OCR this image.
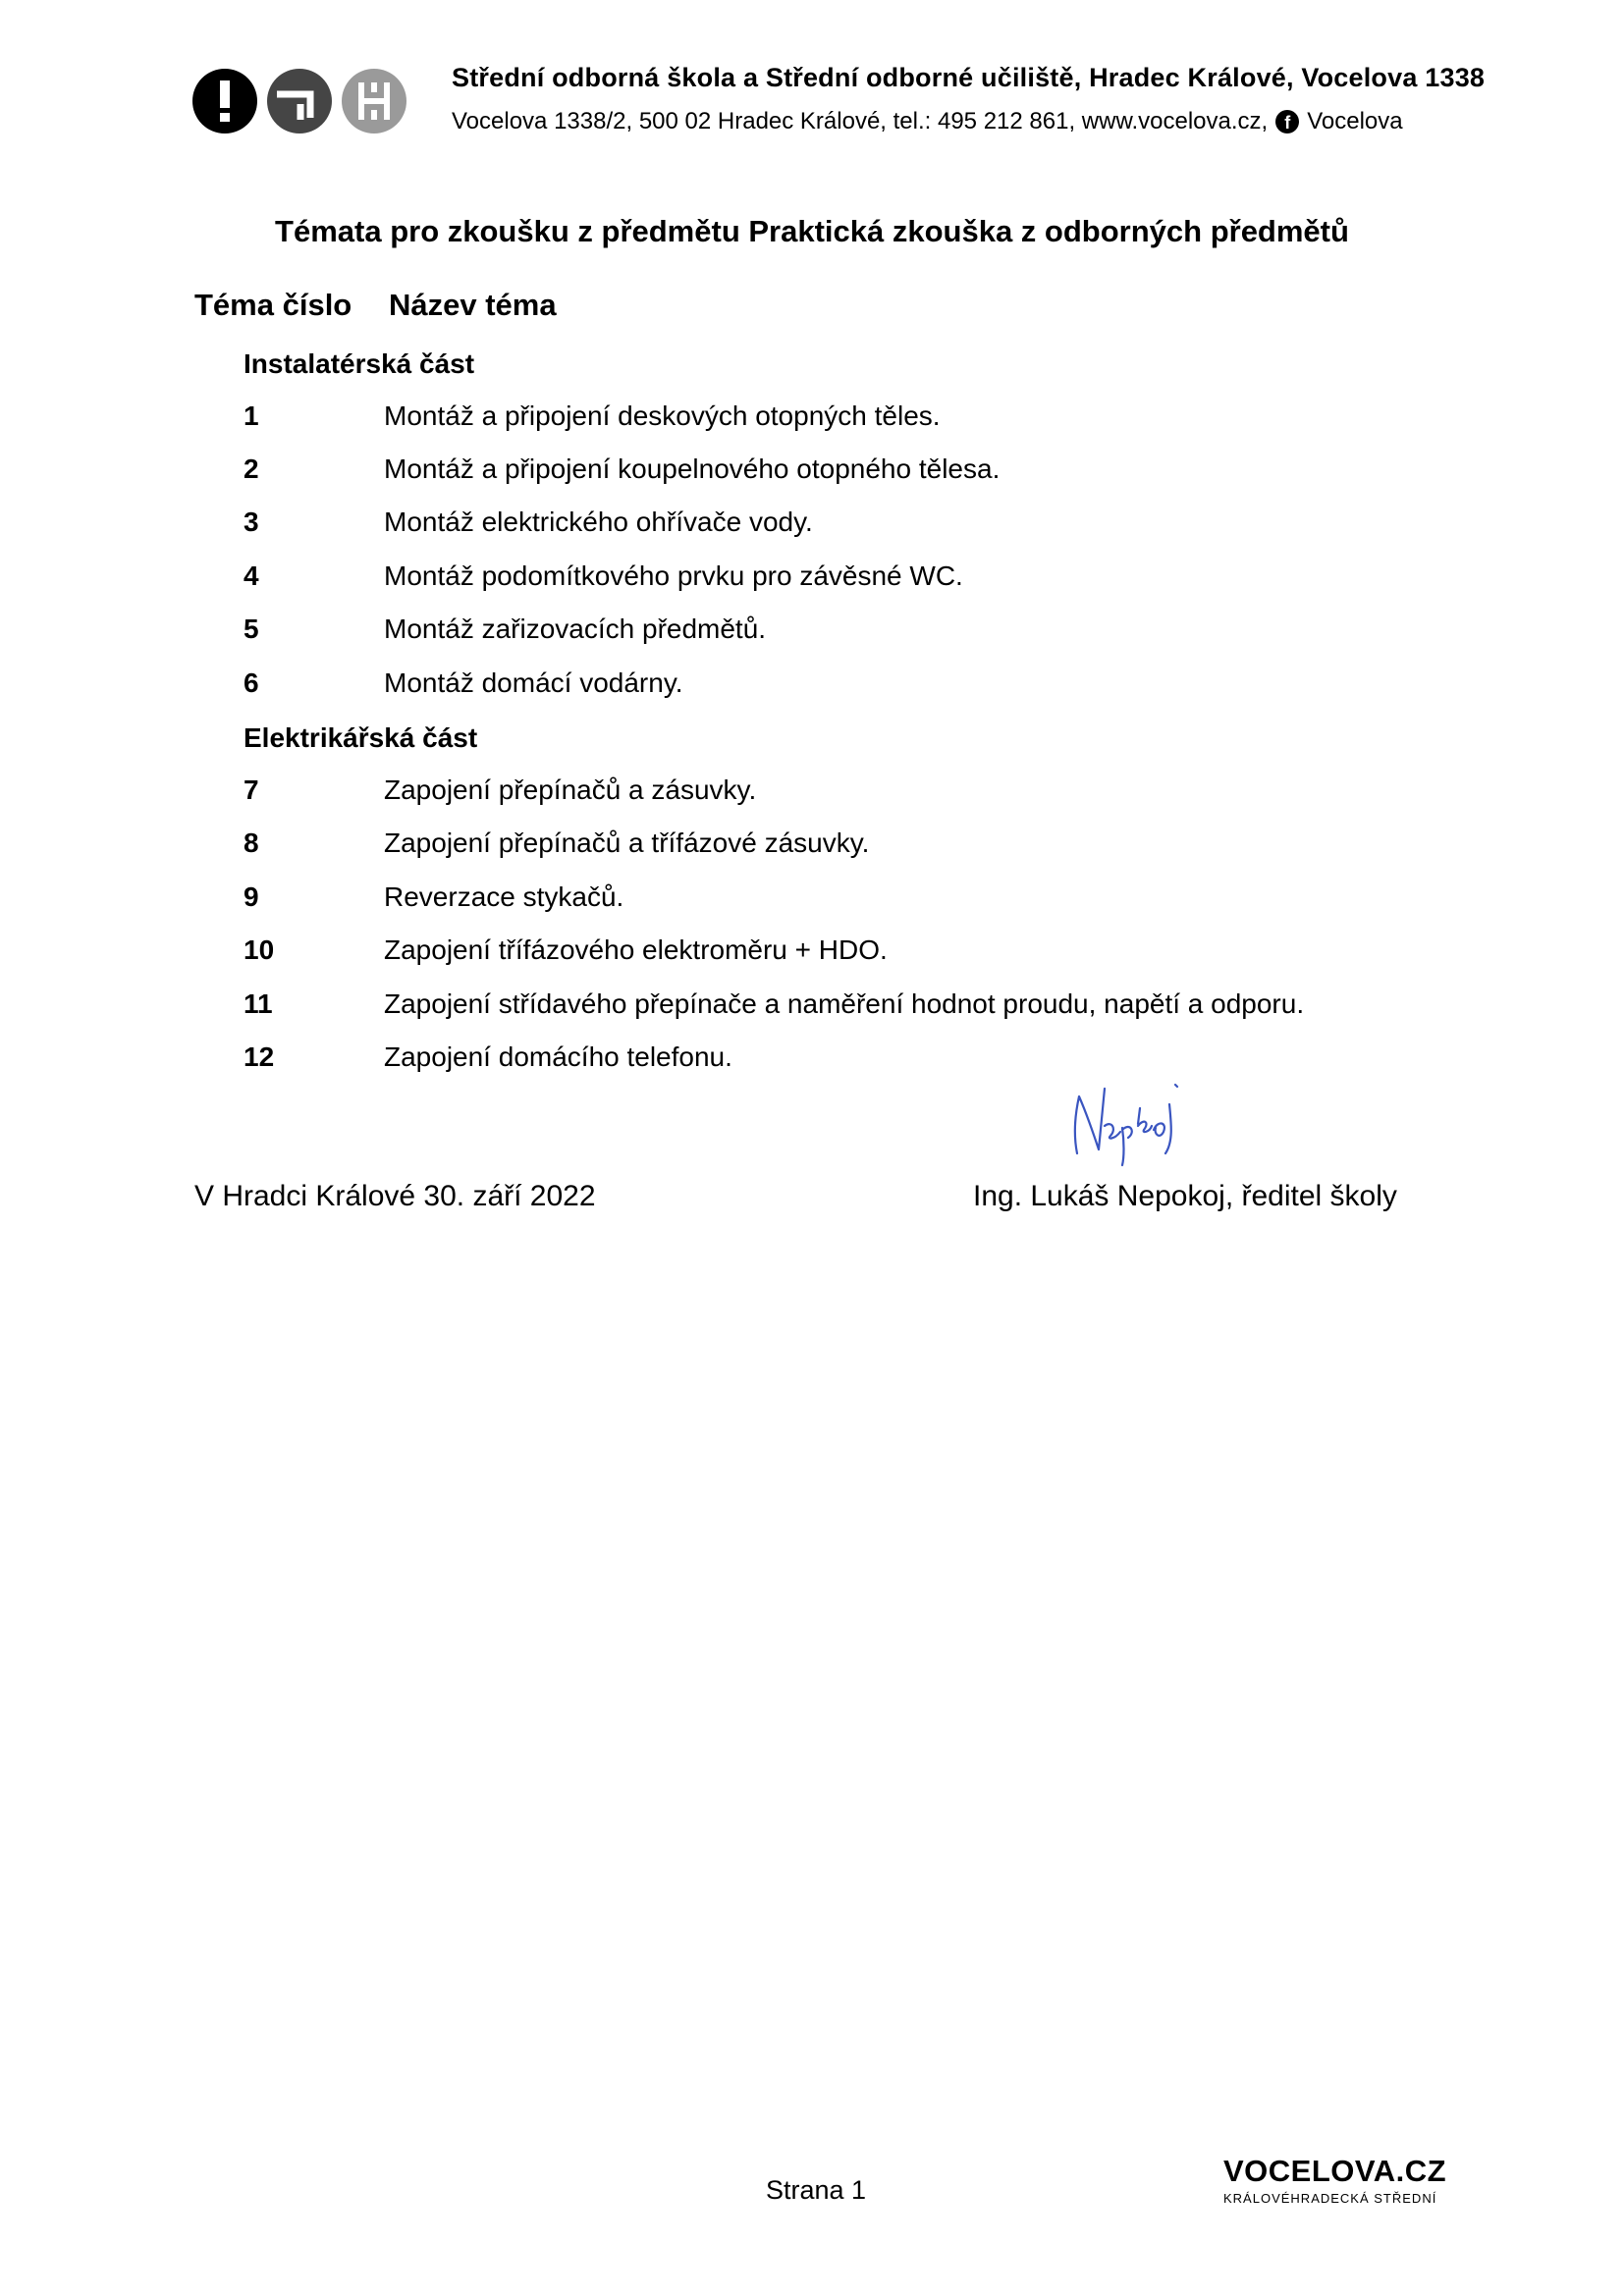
Střední odborná škola a Střední odborné učiliště, Hradec Králové, Vocelova 1338
Vocelova 1338/2, 500 02 Hradec Králové, tel.: 495 212 861, www.vocelova.cz, f Vocelova
Témata pro zkoušku z předmětu Praktická zkouška z odborných předmětů
Téma číslo Název téma
Instalatérská část
1	Montáž a připojení deskových otopných těles.
2	Montáž a připojení koupelnového otopného tělesa.
3	Montáž elektrického ohřívače vody.
4	Montáž podomítkového prvku pro závěsné WC.
5	Montáž zařizovacích předmětů.
6	Montáž domácí vodárny.
Elektrikářská část
7	Zapojení přepínačů a zásuvky.
8	Zapojení přepínačů a třífázové zásuvky.
9	Reverzace stykačů.
10	Zapojení třífázového elektroměru + HDO.
11	Zapojení střídavého přepínače a naměření hodnot proudu, napětí a odporu.
12	Zapojení domácího telefonu.
V Hradci Králové 30. září 2022	Ing. Lukáš Nepokoj, ředitel školy
Strana 1
VOCELOVA.CZ
KRÁLOVÉHRADECKÁ STŘEDNÍ
